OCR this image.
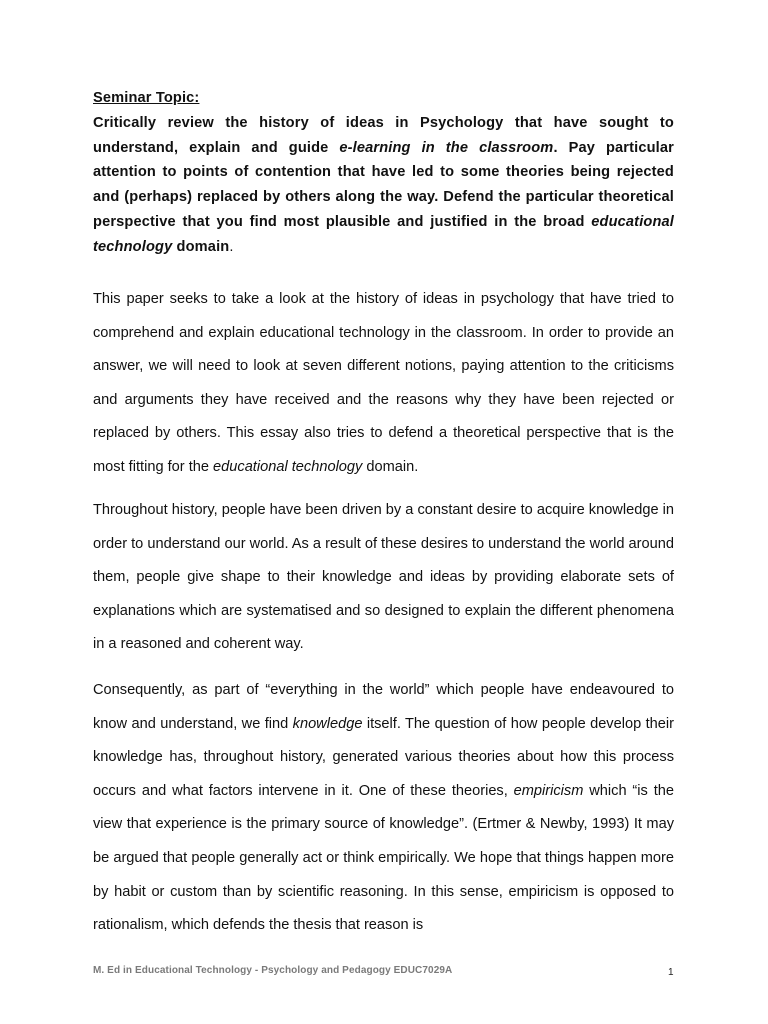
Seminar Topic:
Critically review the history of ideas in Psychology that have sought to understand, explain and guide e-learning in the classroom. Pay particular attention to points of contention that have led to some theories being rejected and (perhaps) replaced by others along the way. Defend the particular theoretical perspective that you find most plausible and justified in the broad educational technology domain.

This paper seeks to take a look at the history of ideas in psychology that have tried to comprehend and explain educational technology in the classroom. In order to provide an answer, we will need to look at seven different notions, paying attention to the criticisms and arguments they have received and the reasons why they have been rejected or replaced by others. This essay also tries to defend a theoretical perspective that is the most fitting for the educational technology domain.

Throughout history, people have been driven by a constant desire to acquire knowledge in order to understand our world. As a result of these desires to understand the world around them, people give shape to their knowledge and ideas by providing elaborate sets of explanations which are systematised and so designed to explain the different phenomena in a reasoned and coherent way.

Consequently, as part of “everything in the world” which people have endeavoured to know and understand, we find knowledge itself. The question of how people develop their knowledge has, throughout history, generated various theories about how this process occurs and what factors intervene in it. One of these theories, empiricism which “is the view that experience is the primary source of knowledge”. (Ertmer & Newby, 1993) It may be argued that people generally act or think empirically. We hope that things happen more by habit or custom than by scientific reasoning. In this sense, empiricism is opposed to rationalism, which defends the thesis that reason is

M. Ed in Educational Technology - Psychology and Pedagogy EDUC7029A	1
